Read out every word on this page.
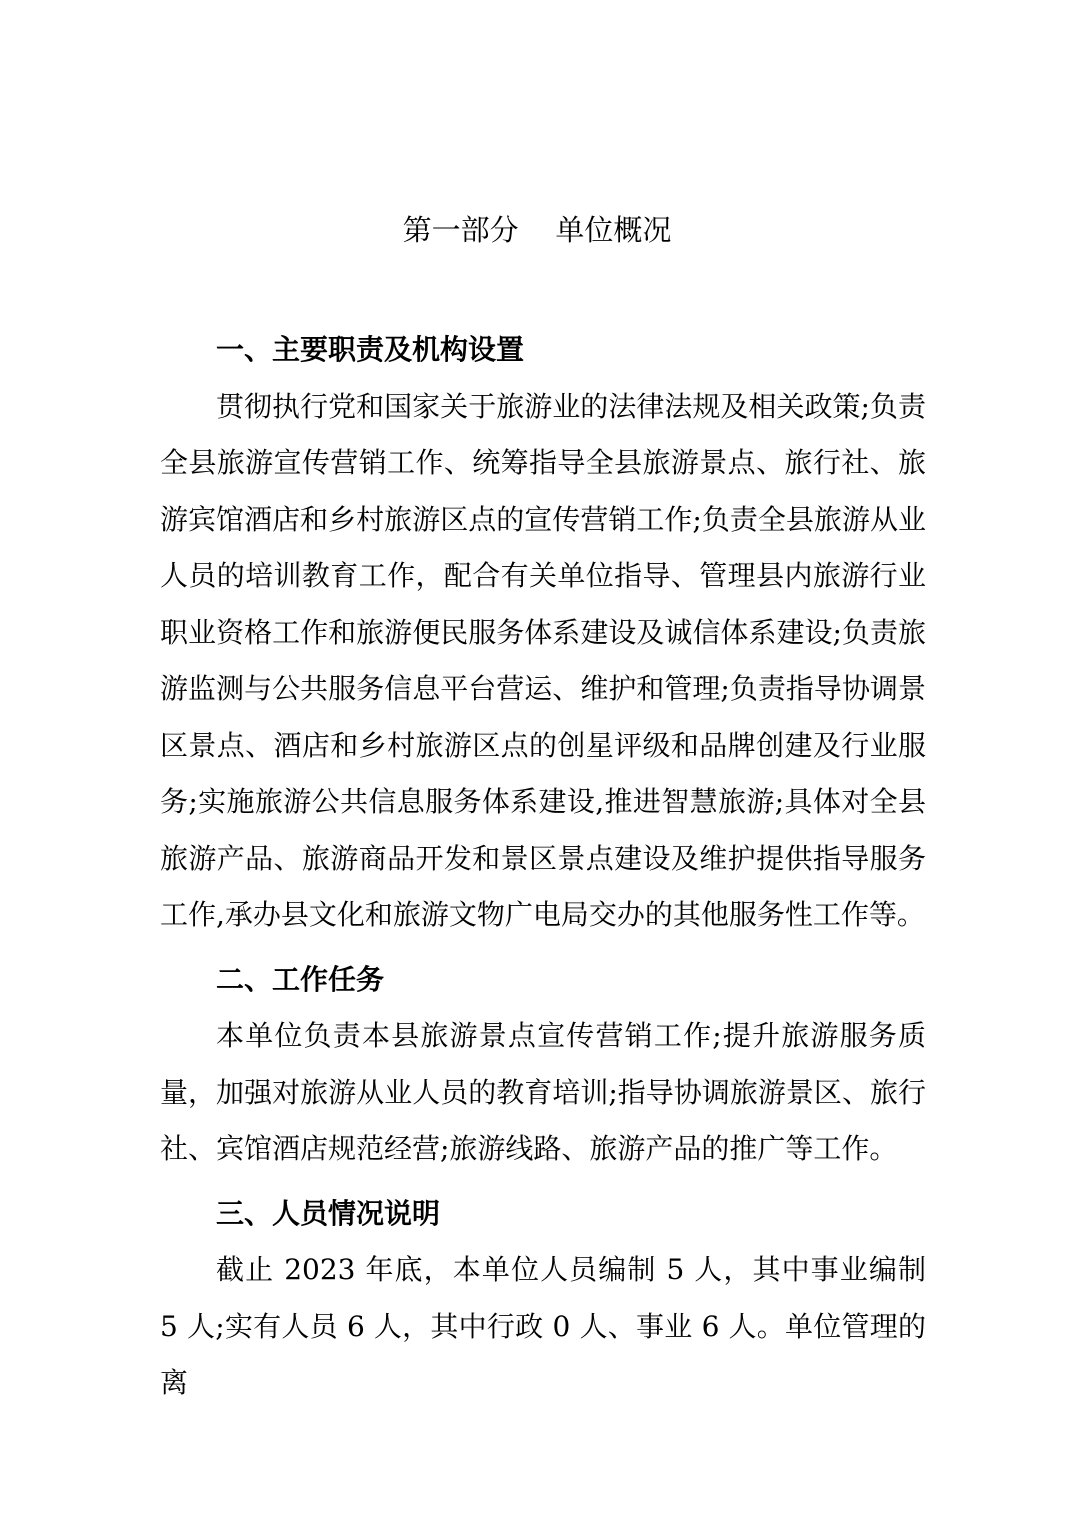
第一部分    单位概况
一、主要职责及机构设置

贯彻执行党和国家关于旅游业的法律法规及相关政策;负责全县旅游宣传营销工作、统筹指导全县旅游景点、旅行社、旅游宾馆酒店和乡村旅游区点的宣传营销工作;负责全县旅游从业人员的培训教育工作，配合有关单位指导、管理县内旅游行业职业资格工作和旅游便民服务体系建设及诚信体系建设;负责旅游监测与公共服务信息平台营运、维护和管理;负责指导协调景区景点、酒店和乡村旅游区点的创星评级和品牌创建及行业服务;实施旅游公共信息服务体系建设,推进智慧旅游;具体对全县旅游产品、旅游商品开发和景区景点建设及维护提供指导服务工作,承办县文化和旅游文物广电局交办的其他服务性工作等。

二、工作任务

本单位负责本县旅游景点宣传营销工作;提升旅游服务质量，加强对旅游从业人员的教育培训;指导协调旅游景区、旅行社、宾馆酒店规范经营;旅游线路、旅游产品的推广等工作。

三、人员情况说明

截止 2023 年底，本单位人员编制 5 人，其中事业编制 5 人;实有人员 6 人，其中行政 0 人、事业 6 人。单位管理的离
